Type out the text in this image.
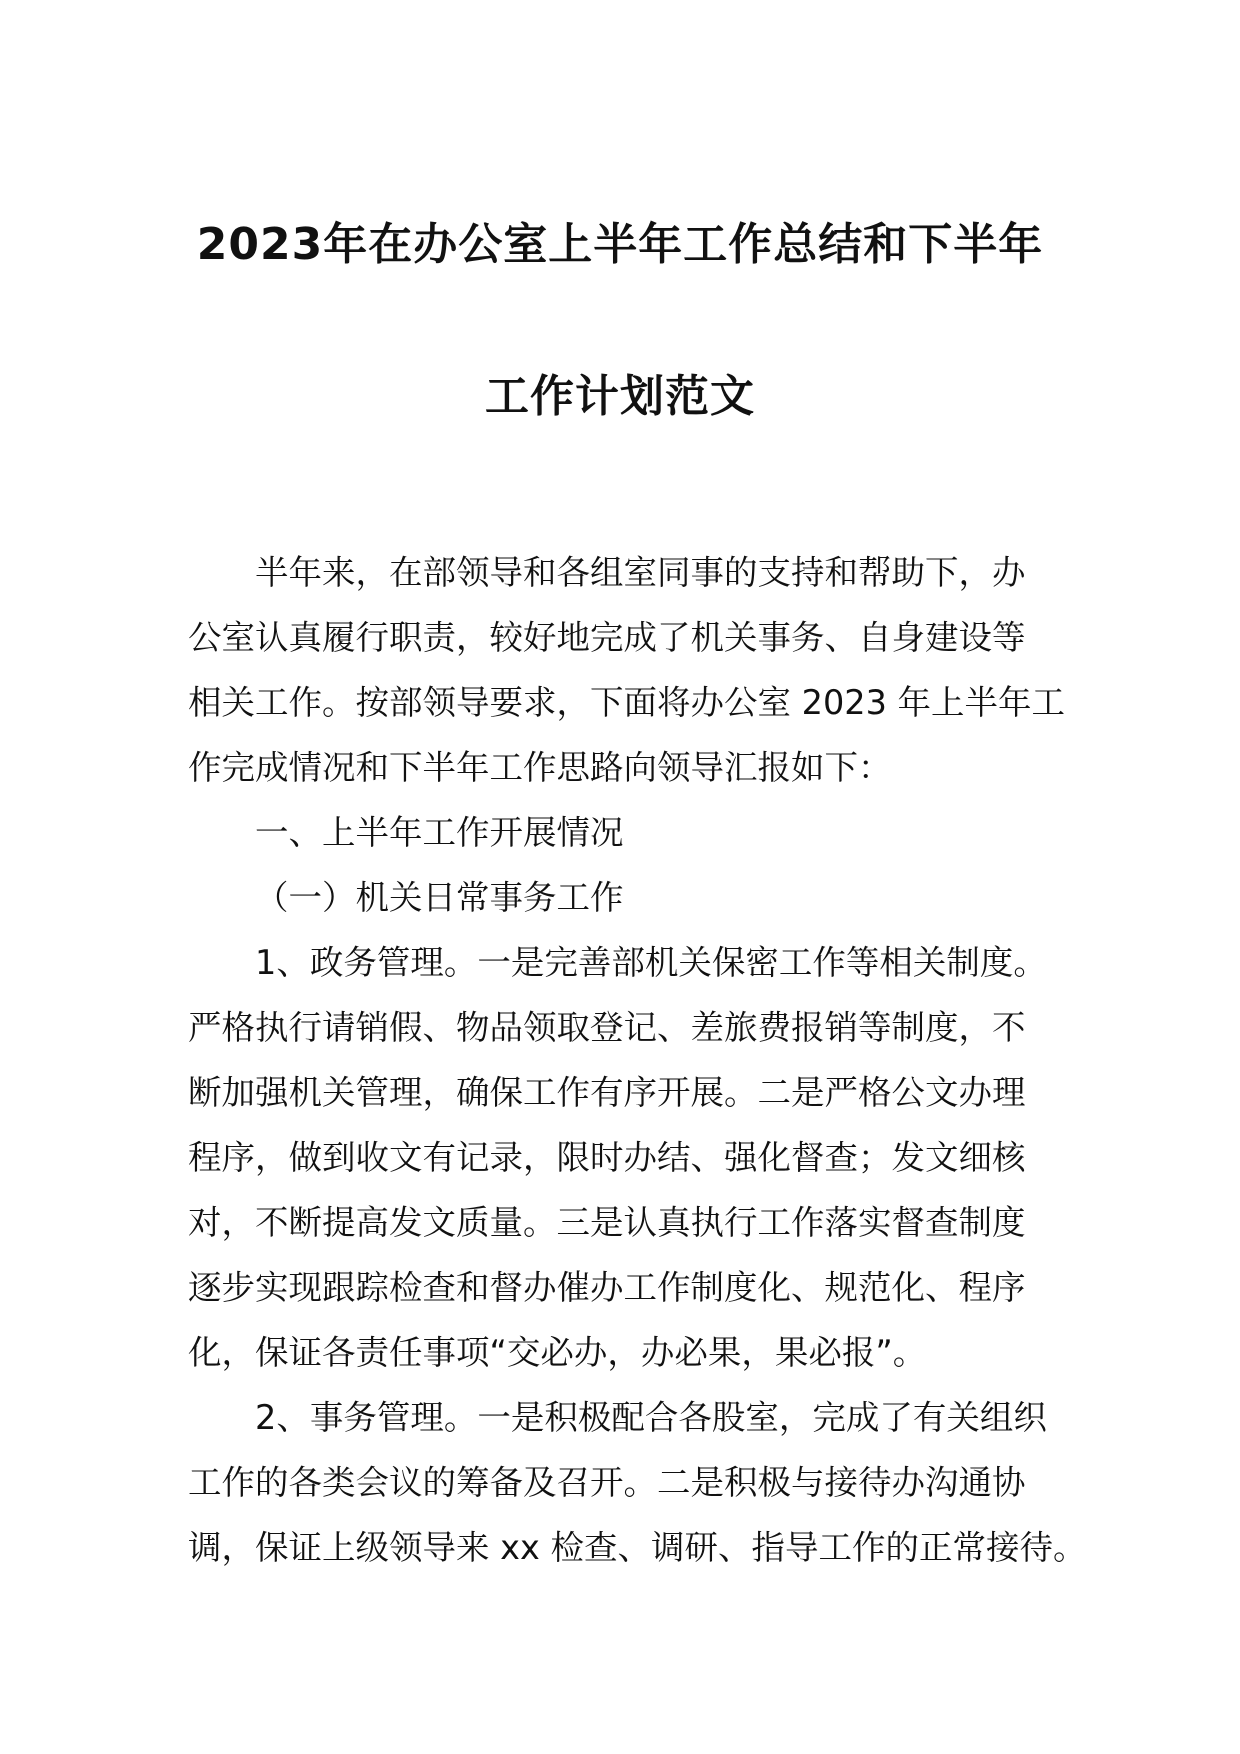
2023年在办公室上半年工作总结和下半年
工作计划范文
半年来，在部领导和各组室同事的支持和帮助下，办
公室认真履行职责，较好地完成了机关事务、自身建设等
相关工作。按部领导要求，下面将办公室 2023 年上半年工
作完成情况和下半年工作思路向领导汇报如下：
一、上半年工作开展情况
（一）机关日常事务工作
1、政务管理。一是完善部机关保密工作等相关制度。
严格执行请销假、物品领取登记、差旅费报销等制度，不
断加强机关管理，确保工作有序开展。二是严格公文办理
程序，做到收文有记录，限时办结、强化督查；发文细核
对，不断提高发文质量。三是认真执行工作落实督查制度
逐步实现跟踪检查和督办催办工作制度化、规范化、程序
化，保证各责任事项“交必办，办必果，果必报”。
2、事务管理。一是积极配合各股室，完成了有关组织
工作的各类会议的筹备及召开。二是积极与接待办沟通协
调，保证上级领导来 xx 检查、调研、指导工作的正常接待。
